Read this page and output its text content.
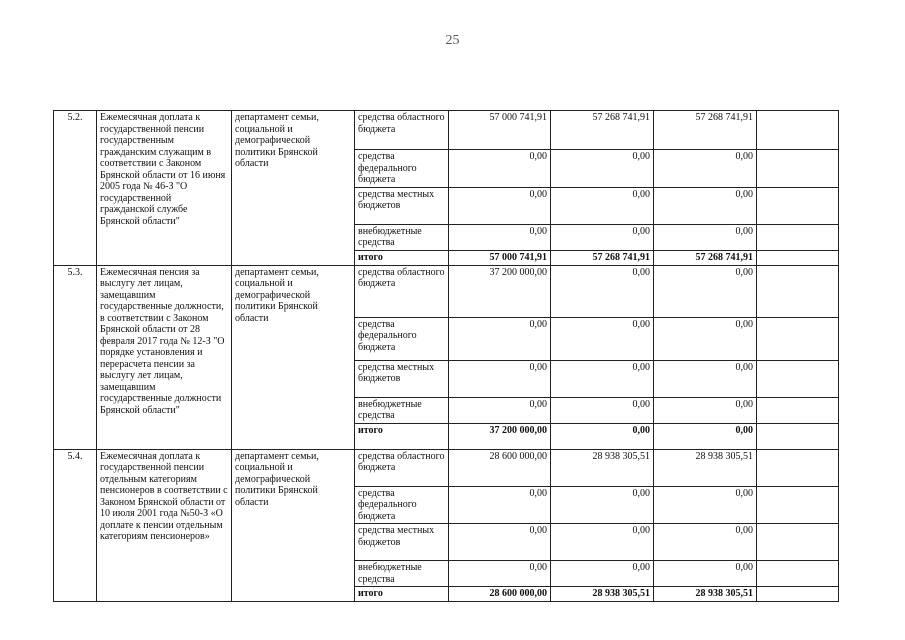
25
5.2.	Ежемесячная доплата к государственной пенсии государственным гражданским служащим в соответствии с Законом Брянской области от 16 июня 2005 года № 46-З "О государственной гражданской службе Брянской области"	департамент семьи, социальной и демографической политики Брянской области	средства областного бюджета	57 000 741,91	57 268 741,91	57 268 741,91	
			средства федерального бюджета	0,00	0,00	0,00	
			средства местных бюджетов	0,00	0,00	0,00	
			внебюджетные средства	0,00	0,00	0,00	
			итого	57 000 741,91	57 268 741,91	57 268 741,91	
5.3.	Ежемесячная пенсия за выслугу лет лицам, замещавшим государственные должности, в соответствии с Законом Брянской области от 28 февраля 2017 года № 12-З "О порядке установления и перерасчета пенсии за выслугу лет лицам, замещавшим государственные должности Брянской области"	департамент семьи, социальной и демографической политики Брянской области	средства областного бюджета	37 200 000,00	0,00	0,00	
			средства федерального бюджета	0,00	0,00	0,00	
			средства местных бюджетов	0,00	0,00	0,00	
			внебюджетные средства	0,00	0,00	0,00	
			итого	37 200 000,00	0,00	0,00	
5.4.	Ежемесячная доплата к государственной пенсии отдельным категориям пенсионеров в соответствии с Законом Брянской области от 10 июля 2001 года №50-З «О доплате к пенсии отдельным категориям пенсионеров»	департамент семьи, социальной и демографической политики Брянской области	средства областного бюджета	28 600 000,00	28 938 305,51	28 938 305,51	
			средства федерального бюджета	0,00	0,00	0,00	
			средства местных бюджетов	0,00	0,00	0,00	
			внебюджетные средства	0,00	0,00	0,00	
			итого	28 600 000,00	28 938 305,51	28 938 305,51	
